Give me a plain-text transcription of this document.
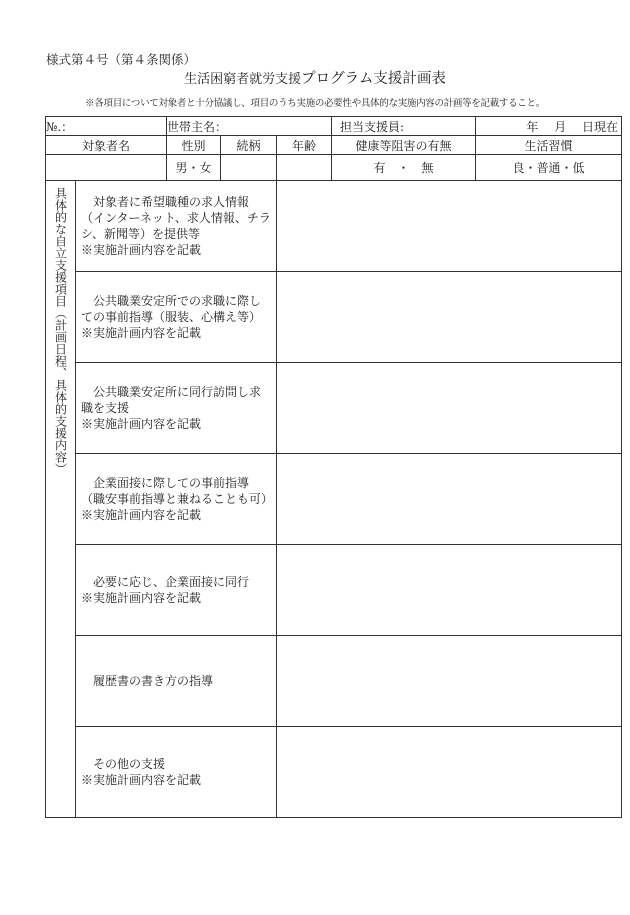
様式第４号（第４条関係）
生活困窮者就労支援プログラム支援計画表
※各項目について対象者と十分協議し、項目のうち実施の必要性や具体的な実施内容の計画等を記載すること。
№.：		世帯主名：			担当支援員:	年　 月　 日現在
対象者名		性別	続柄	年齢	健康等阻害の有無	生活習慣
		男・女			有　・　無	良・普通・低

具体的な自立支援項目（計画日程、具体的支援内容）	対象者に希望職種の求人情報（インターネット、求人情報、チラシ、新聞等）を提供等

※実施計画内容を記載					

	公共職業安定所での求職に際しての事前指導（服装、心構え等）

※実施計画内容を記載					

	公共職業安定所に同行訪問し求職を支援

※実施計画内容を記載					

	企業面接に際しての事前指導（職安事前指導と兼ねることも可）

※実施計画内容を記載					

	必要に応じ、企業面接に同行

※実施計画内容を記載					

	履歴書の書き方の指導					

	その他の支援

※実施計画内容を記載					
